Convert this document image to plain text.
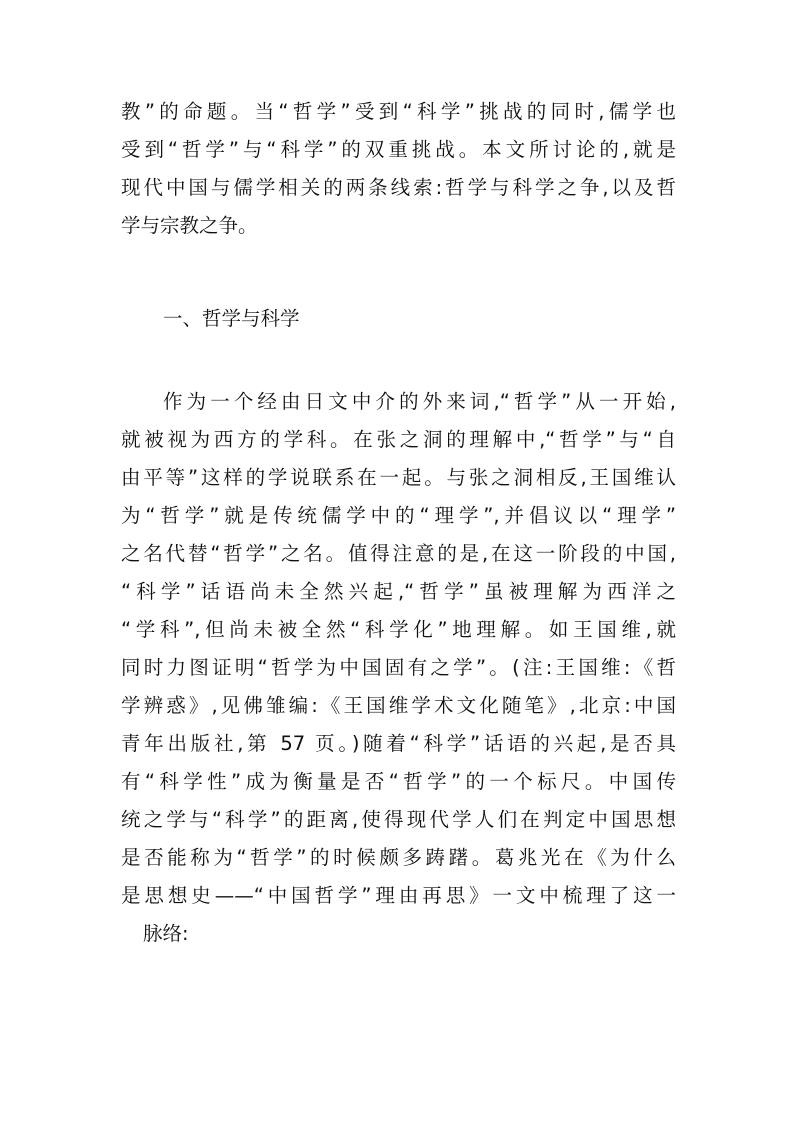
教”的命题。当“哲学”受到“科学”挑战的同时,儒学也
受到“哲学”与“科学”的双重挑战。本文所讨论的,就是
现代中国与儒学相关的两条线索:哲学与科学之争,以及哲
学与宗教之争。
一、哲学与科学
作为一个经由日文中介的外来词,“哲学”从一开始,
就被视为西方的学科。在张之洞的理解中,“哲学”与“自
由平等”这样的学说联系在一起。与张之洞相反,王国维认
为“哲学”就是传统儒学中的“理学”,并倡议以“理学”
之名代替“哲学”之名。值得注意的是,在这一阶段的中国,
“科学”话语尚未全然兴起,“哲学”虽被理解为西洋之
“学科”,但尚未被全然“科学化”地理解。如王国维,就
同时力图证明“哲学为中国固有之学”。(注:王国维:《哲
学辨惑》,见佛雏编:《王国维学术文化随笔》,北京:中国
青年出版社,第 57 页。)随着“科学”话语的兴起,是否具
有“科学性”成为衡量是否“哲学”的一个标尺。中国传
统之学与“科学”的距离,使得现代学人们在判定中国思想
是否能称为“哲学”的时候颇多踌躇。葛兆光在《为什么
是思想史——“中国哲学”理由再思》一文中梳理了这一
脉络:
